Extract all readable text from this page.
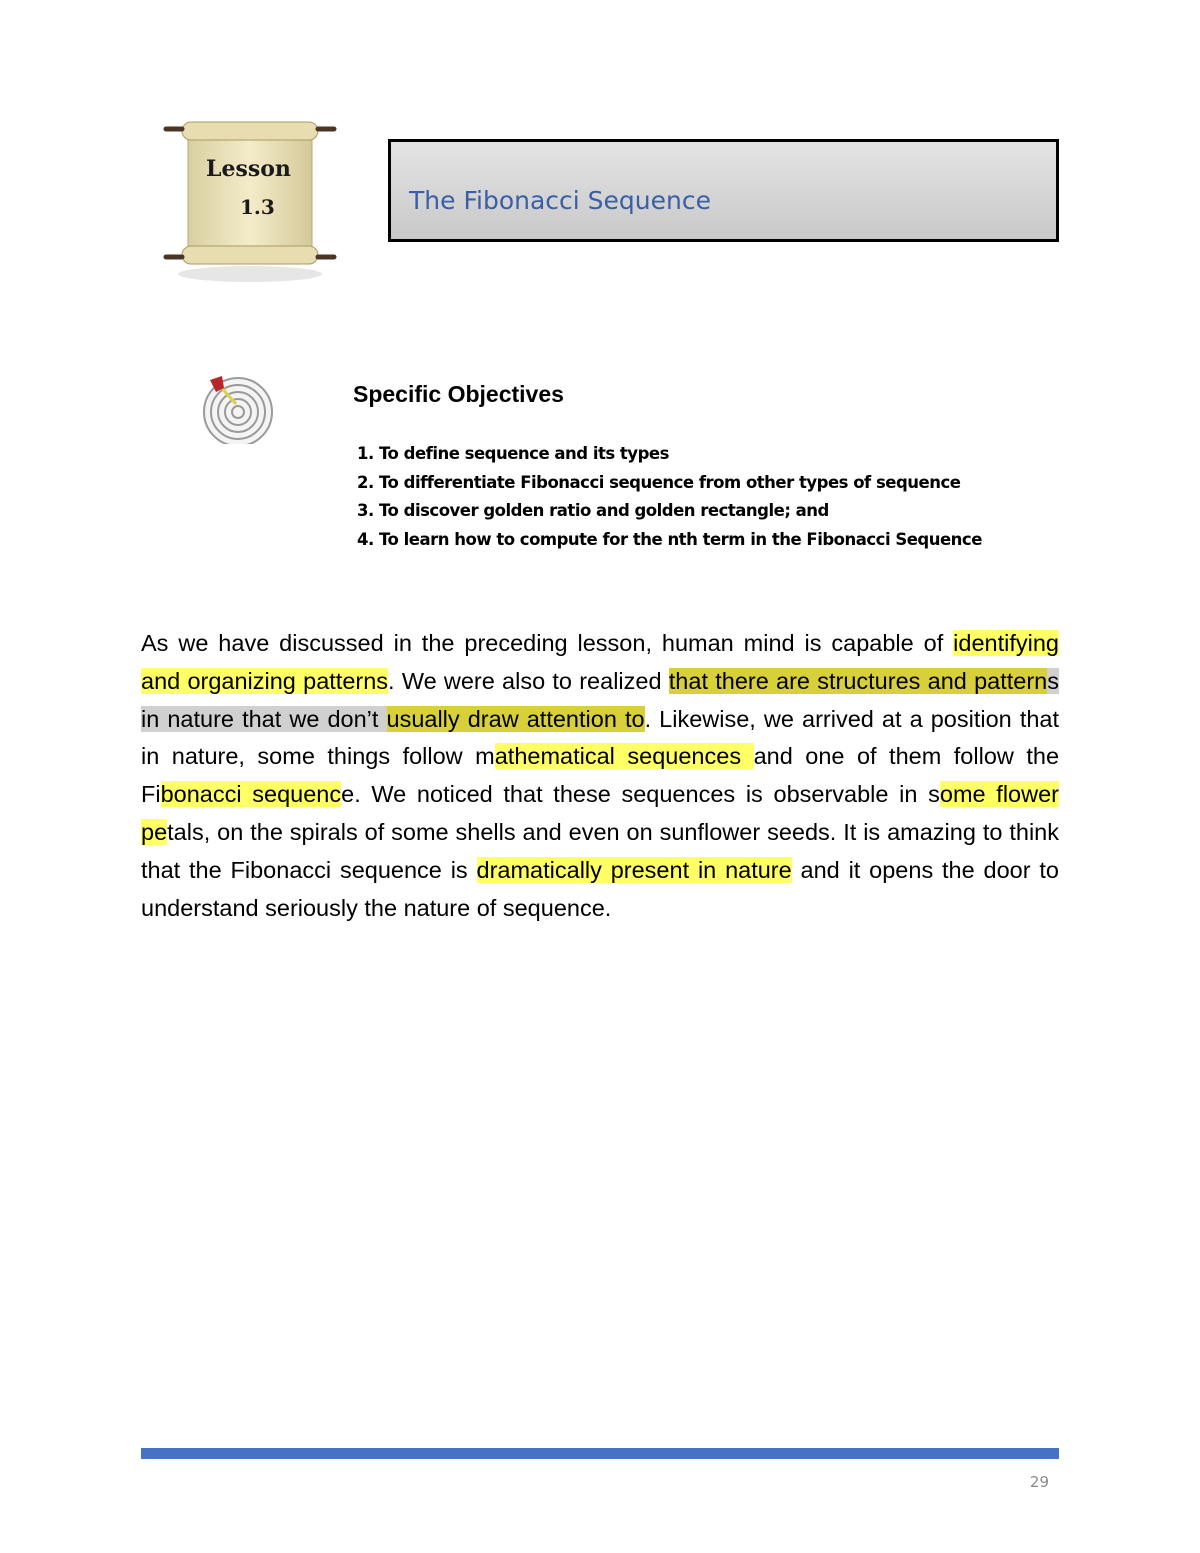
Lesson
1.3	The Fibonacci Sequence
Specific Objectives
1. To define sequence and its types
2. To differentiate Fibonacci sequence from other types of sequence
3. To discover golden ratio and golden rectangle; and
4. To learn how to compute for the nth term in the Fibonacci Sequence

As we have discussed in the preceding lesson, human mind is capable of identifying and organizing patterns. We were also to realized that there are structures and patterns in nature that we don’t usually draw attention to. Likewise, we arrived at a position that in nature, some things follow mathematical sequences and one of them follow the Fibonacci sequence. We noticed that these sequences is observable in some flower petals, on the spirals of some shells and even on sunflower seeds. It is amazing to think that the Fibonacci sequence is dramatically present in nature and it opens the door to understand seriously the nature of sequence.

29
